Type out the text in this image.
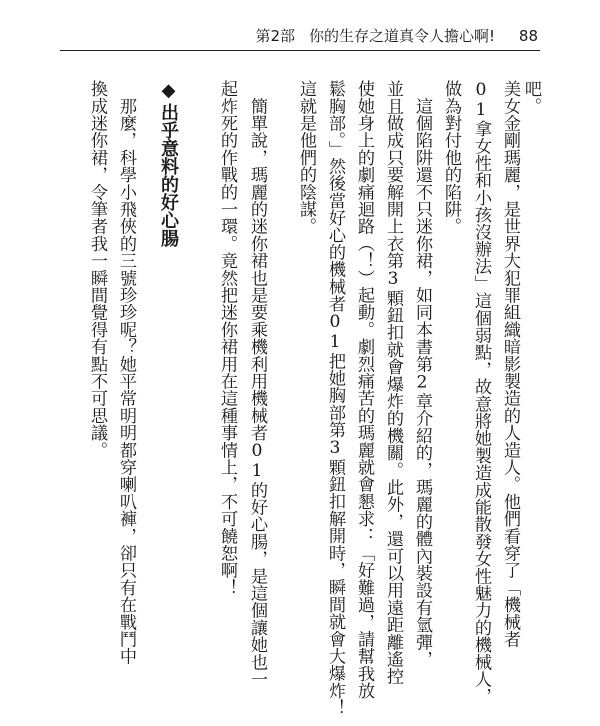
第2部 你的生存之道真令人擔心啊! 88
吧。
美女金剛瑪麗，是世界大犯罪組織暗影製造的人造人。他們看穿了「機械者
01拿女性和小孩沒辦法」這個弱點，故意將她製造成能散發女性魅力的機械人，
做為對付他的陷阱。
　這個陷阱還不只迷你裙，如同本書第2章介紹的，瑪麗的體內裝設有氫彈，
並且做成只要解開上衣第3顆鈕扣就會爆炸的機關。此外，還可以用遠距離遙控
使她身上的劇痛迴路（！）起動。劇烈痛苦的瑪麗就會懇求：「好難過，請幫我放
鬆胸部。」然後當好心的機械者01把她胸部第3顆鈕扣解開時，瞬間就會大爆炸！
這就是他們的陰謀。
　簡單說，瑪麗的迷你裙也是要乘機利用機械者01的好心腸，是這個讓她也一
起炸死的作戰的一環。竟然把迷你裙用在這種事情上，不可饒恕啊！
◆出乎意料的好心腸
　那麼，科學小飛俠的三號珍珍呢？她平常明明都穿喇叭褲，卻只有在戰鬥中
換成迷你裙，令筆者我一瞬間覺得有點不可思議。
